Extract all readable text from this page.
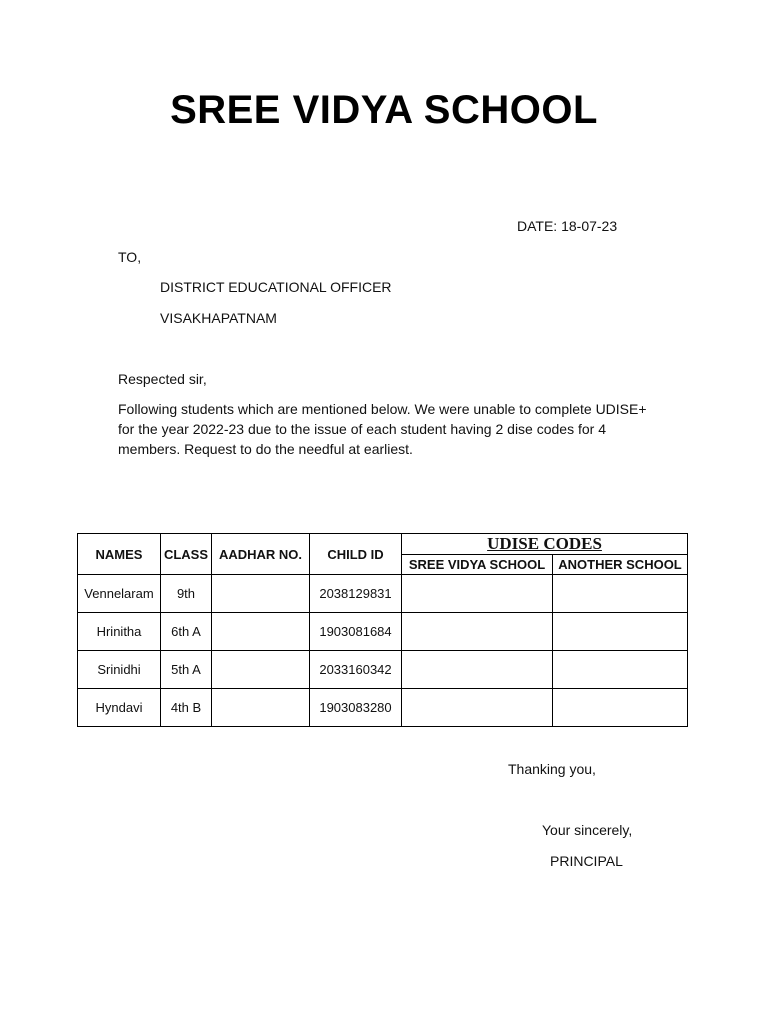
SREE VIDYA SCHOOL
DATE: 18-07-23
TO,
DISTRICT EDUCATIONAL OFFICER
VISAKHAPATNAM
Respected sir,
Following students which are mentioned below. We were unable to complete UDISE+ for the year 2022-23 due to the issue of each student having 2 dise codes for 4 members. Request to do the needful at earliest.
NAMES	CLASS	AADHAR NO.	CHILD ID	UDISE CODES	
				SREE VIDYA SCHOOL	ANOTHER SCHOOL
Vennelaram	9th		2038129831		
Hrinitha	6th A		1903081684		
Srinidhi	5th A		2033160342		
Hyndavi	4th B		1903083280		
Thanking you,
Your sincerely,
PRINCIPAL
